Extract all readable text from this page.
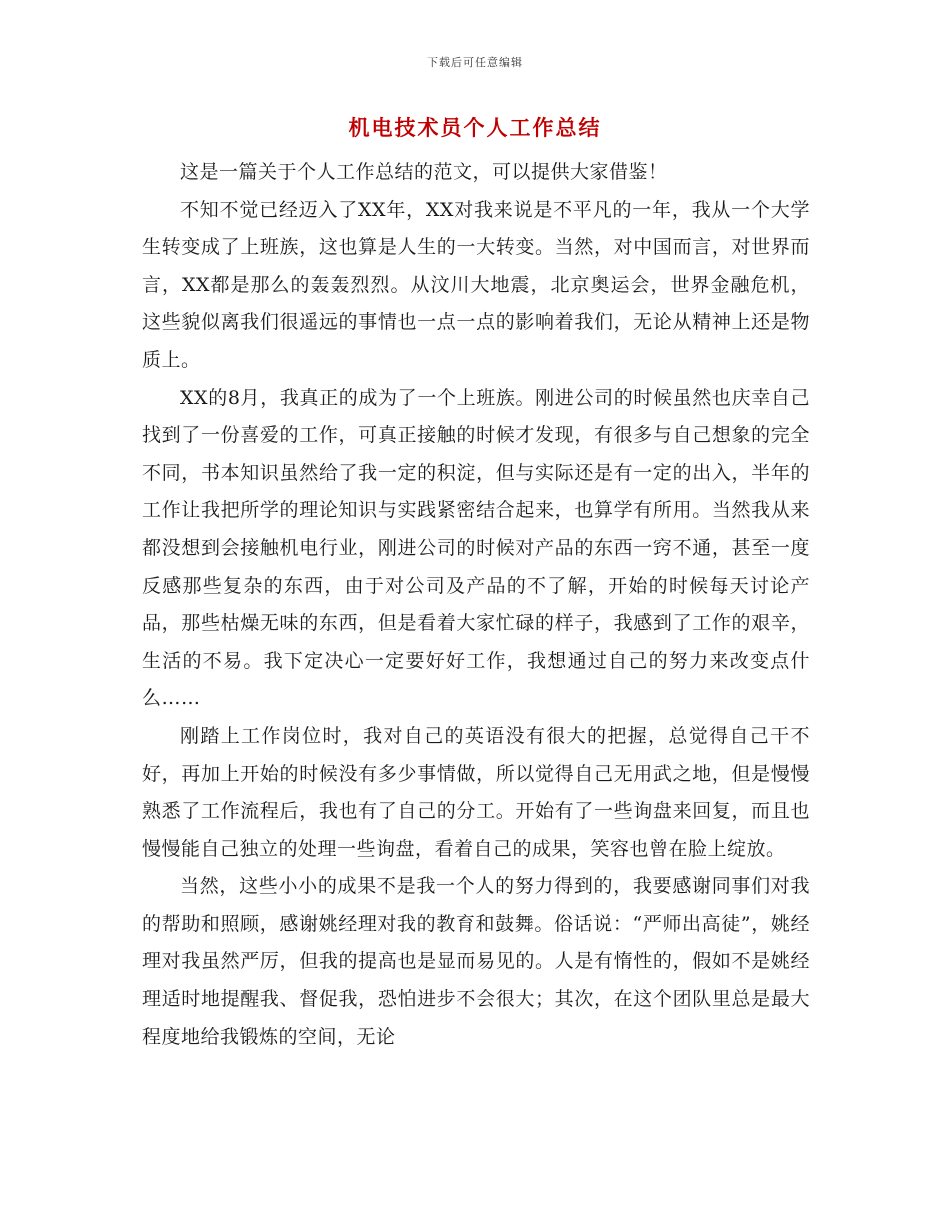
下载后可任意编辑
机电技术员个人工作总结

这是一篇关于个人工作总结的范文，可以提供大家借鉴！

不知不觉已经迈入了XX年，XX对我来说是不平凡的一年，我从一个大学生转变成了上班族，这也算是人生的一大转变。当然，对中国而言，对世界而言，XX都是那么的轰轰烈烈。从汶川大地震，北京奥运会，世界金融危机，这些貌似离我们很遥远的事情也一点一点的影响着我们，无论从精神上还是物质上。

XX的8月，我真正的成为了一个上班族。刚进公司的时候虽然也庆幸自己找到了一份喜爱的工作，可真正接触的时候才发现，有很多与自己想象的完全不同，书本知识虽然给了我一定的积淀，但与实际还是有一定的出入，半年的工作让我把所学的理论知识与实践紧密结合起来，也算学有所用。当然我从来都没想到会接触机电行业，刚进公司的时候对产品的东西一窍不通，甚至一度反感那些复杂的东西，由于对公司及产品的不了解，开始的时候每天讨论产品，那些枯燥无味的东西，但是看着大家忙碌的样子，我感到了工作的艰辛，生活的不易。我下定决心一定要好好工作，我想通过自己的努力来改变点什么……

刚踏上工作岗位时，我对自己的英语没有很大的把握，总觉得自己干不好，再加上开始的时候没有多少事情做，所以觉得自己无用武之地，但是慢慢熟悉了工作流程后，我也有了自己的分工。开始有了一些询盘来回复，而且也慢慢能自己独立的处理一些询盘，看着自己的成果，笑容也曾在脸上绽放。

当然，这些小小的成果不是我一个人的努力得到的，我要感谢同事们对我的帮助和照顾，感谢姚经理对我的教育和鼓舞。俗话说：“严师出高徒”，姚经理对我虽然严厉，但我的提高也是显而易见的。人是有惰性的，假如不是姚经理适时地提醒我、督促我，恐怕进步不会很大；其次，在这个团队里总是最大程度地给我锻炼的空间，无论
